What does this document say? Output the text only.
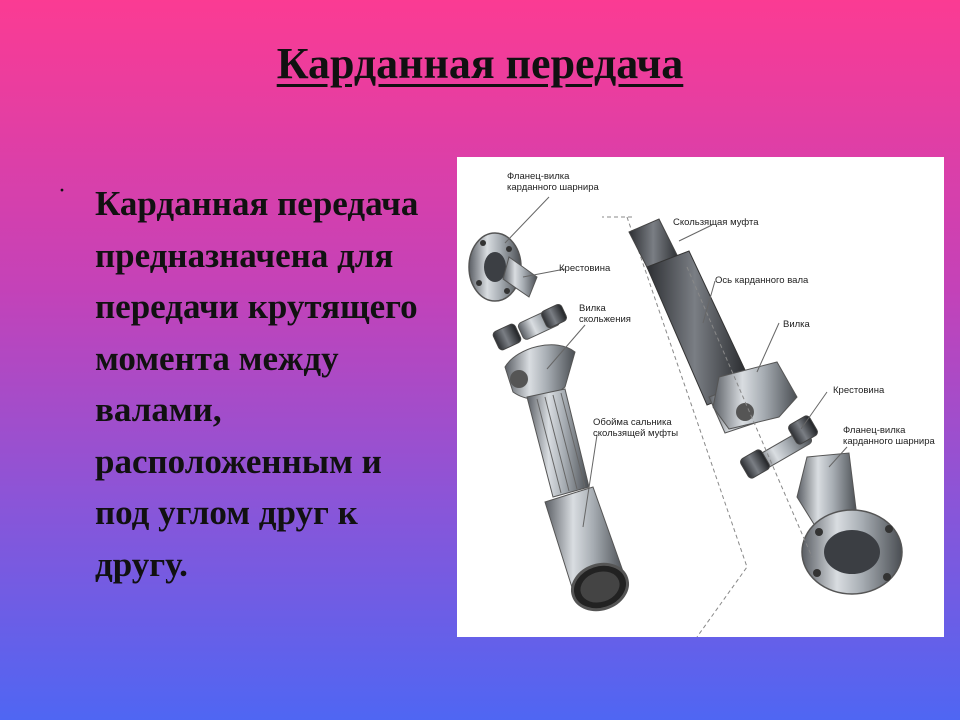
Карданная передача
· Карданная передача предназначена для передачи крутящего момента между валами, расположенным и под углом друг к другу.
Фланец-вилка
карданного шарнира
Крестовина
Вилка
скольжения
Обойма сальника
скользящей муфты
Скользящая муфта
Ось карданного вала
Вилка
Крестовина
Фланец-вилка
карданного шарнира
